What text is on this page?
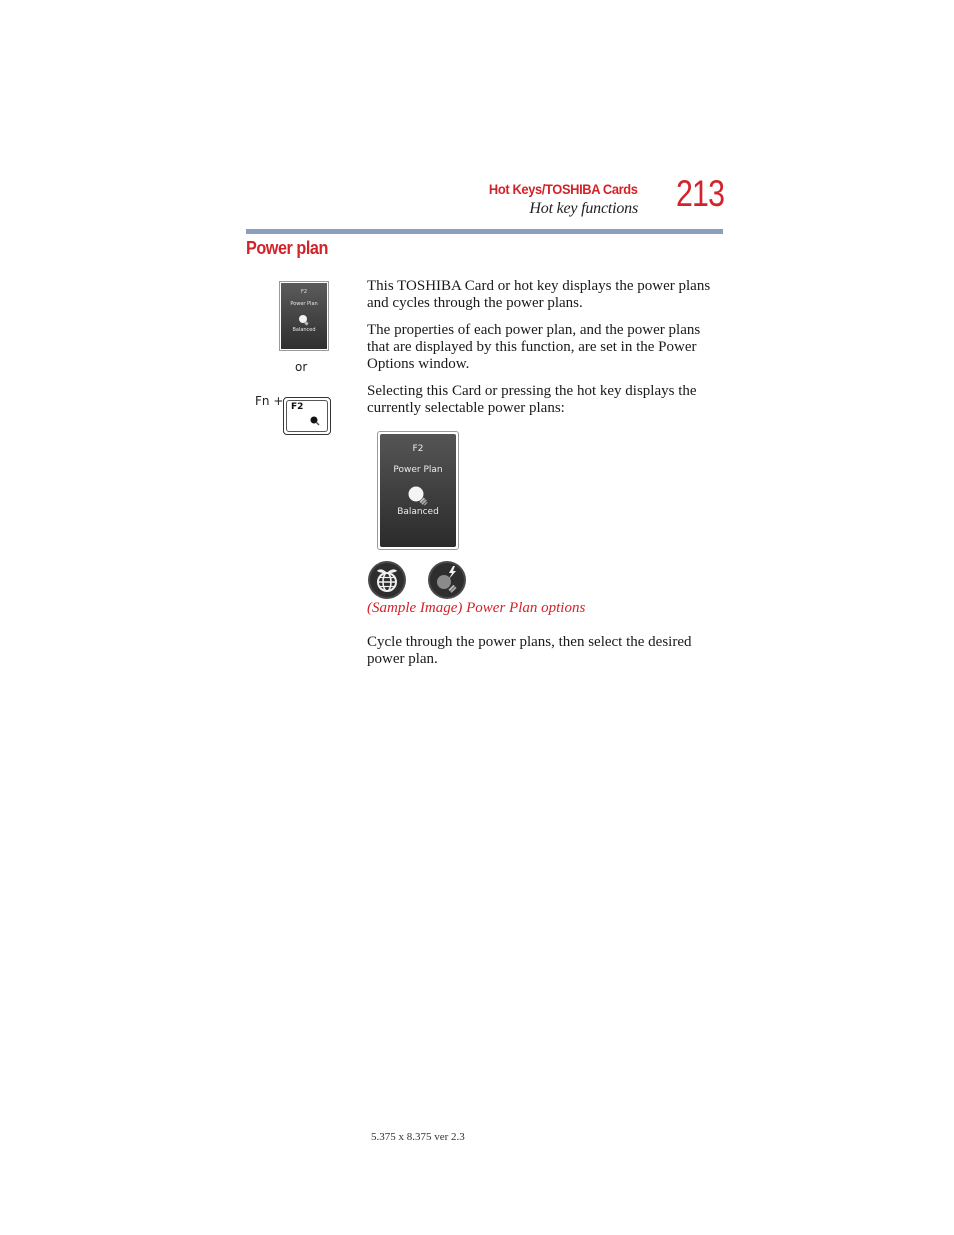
Hot Keys/TOSHIBA Cards
Hot key functions 213
Power plan
F2
Power Plan
Balanced
or
Fn + F2
This TOSHIBA Card or hot key displays the power plans and cycles through the power plans.
The properties of each power plan, and the power plans that are displayed by this function, are set in the Power Options window.
Selecting this Card or pressing the hot key displays the currently selectable power plans:
F2
Power Plan
Balanced
(Sample Image) Power Plan options
Cycle through the power plans, then select the desired power plan.
5.375 x 8.375 ver 2.3
